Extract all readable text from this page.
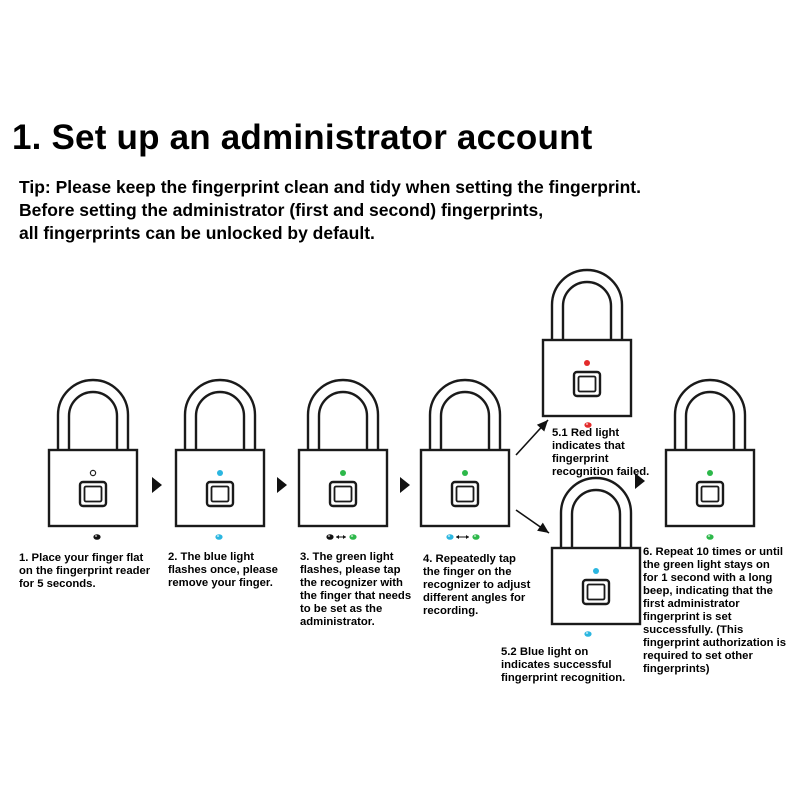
1. Set up an administrator account
Tip: Please keep the fingerprint clean and tidy when setting the fingerprint.
Before setting the administrator (first and second) fingerprints,
all fingerprints can be unlocked by default.
1. Place your finger flat
on the fingerprint reader
for 5 seconds.
2. The blue light
flashes once, please
remove your finger.
3. The green light
flashes, please tap
the recognizer with
the finger that needs
to be set as the
administrator.
4. Repeatedly tap
the finger on the
recognizer to adjust
different angles for
recording.
5.1 Red light
indicates that
fingerprint
recognition failed.
5.2 Blue light on
indicates successful
fingerprint recognition.
6. Repeat 10 times or until
the green light stays on
for 1 second with a long
beep, indicating that the
first administrator
fingerprint is set
successfully. (This
fingerprint authorization is
required to set other
fingerprints)
